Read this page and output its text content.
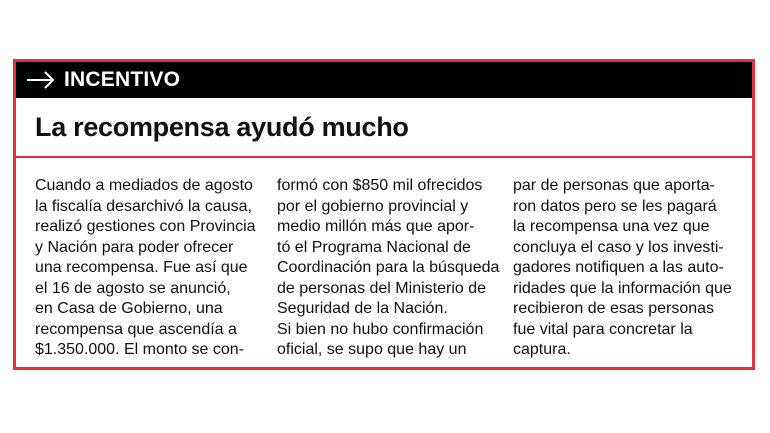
INCENTIVO
La recompensa ayudó mucho
Cuando a mediados de agosto
la fiscalía desarchivó la causa,
realizó gestiones con Provincia
y Nación para poder ofrecer
una recompensa. Fue así que
el 16 de agosto se anunció,
en Casa de Gobierno, una
recompensa que ascendía a
$1.350.000. El monto se con-
formó con $850 mil ofrecidos
por el gobierno provincial y
medio millón más que apor-
tó el Programa Nacional de
Coordinación para la búsqueda
de personas del Ministerio de
Seguridad de la Nación.
Si bien no hubo confirmación
oficial, se supo que hay un
par de personas que aporta-
ron datos pero se les pagará
la recompensa una vez que
concluya el caso y los investi-
gadores notifiquen a las auto-
ridades que la información que
recibieron de esas personas
fue vital para concretar la
captura.
